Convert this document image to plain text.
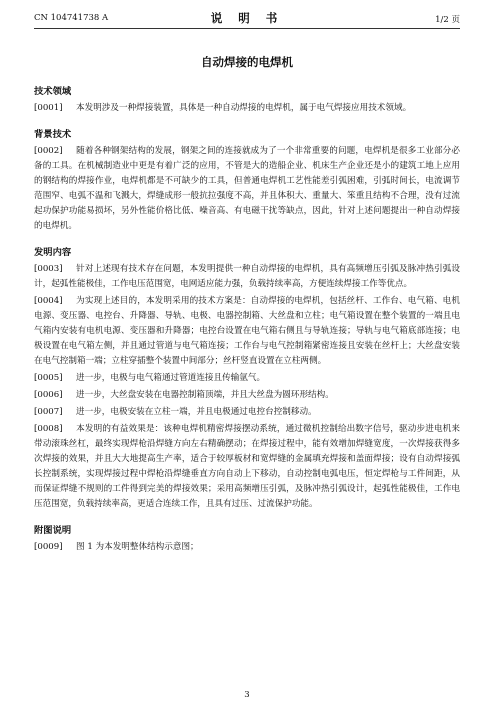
CN 104741738 A	说 明 书	1/2 页
自动焊接的电焊机
技术领域

[0001] 本发明涉及一种焊接装置，具体是一种自动焊接的电焊机，属于电气焊接应用技术领域。

背景技术

[0002] 随着各种钢架结构的发展，钢架之间的连接就成为了一个非常重要的问题，电焊机是很多工业部分必备的工具。在机械制造业中更是有着广泛的应用，不管是大的造船企业、机床生产企业还是小的建筑工地上应用的钢结构的焊接作业，电焊机都是不可缺少的工具，但普通电焊机工艺性能差引弧困难，引弧时间长，电流调节范围窄、电弧不温和飞溅大，焊缝成形一般抗拉强度不高，并且体积大、重量大、笨重且结构不合理，没有过流起功保护功能易损坏，另外性能价格比低、噪音高、有电磁干扰等缺点，因此，针对上述问题提出一种自动焊接的电焊机。

发明内容

[0003] 针对上述现有技术存在问题，本发明提供一种自动焊接的电焊机，具有高频增压引弧及脉冲热引弧设计，起弧性能极佳，工作电压范围宽，电网适应能力强，负载持续率高，方便连续焊接工作等优点。

[0004] 为实现上述目的，本发明采用的技术方案是：自动焊接的电焊机，包括丝杆、工作台、电气箱、电机电源、变压器、电控台、升降器、导轨、电极、电器控制箱、大丝盘和立柱；电气箱设置在整个装置的一端且电气箱内安装有电机电源、变压器和升降器；电控台设置在电气箱右侧且与导轨连接；导轨与电气箱底部连接；电极设置在电气箱左侧，并且通过管道与电气箱连接；工作台与电气控制箱紧密连接且安装在丝杆上；大丝盘安装在电气控制箱一端；立柱穿插整个装置中间部分；丝杆竖直设置在立柱两侧。

[0005] 进一步，电极与电气箱通过管道连接且传输氩气。

[0006] 进一步，大丝盘安装在电器控制箱顶端，并且大丝盘为圆环形结构。

[0007] 进一步，电极安装在立柱一端，并且电极通过电控台控制移动。

[0008] 本发明的有益效果是：该种电焊机精密焊接摆动系统，通过微机控制给出数字信号，驱动步进电机来带动滚珠丝杠，最终实现焊枪沿焊缝方向左右精确摆动；在焊接过程中，能有效增加焊缝宽度，一次焊接获得多次焊接的效果，并且大大地提高生产率，适合于较厚板材和宽焊缝的金属填充焊接和盖面焊接；设有自动焊接弧长控制系统，实现焊接过程中焊枪沿焊缝垂直方向自动上下移动，自动控制电弧电压，恒定焊枪与工件间距，从而保证焊缝不规则的工件得到完美的焊接效果；采用高频增压引弧，及脉冲热引弧设计，起弧性能极佳，工作电压范围宽，负载持续率高，更适合连续工作，且具有过压、过流保护功能。

附图说明

[0009] 图 1 为本发明整体结构示意图；

3
